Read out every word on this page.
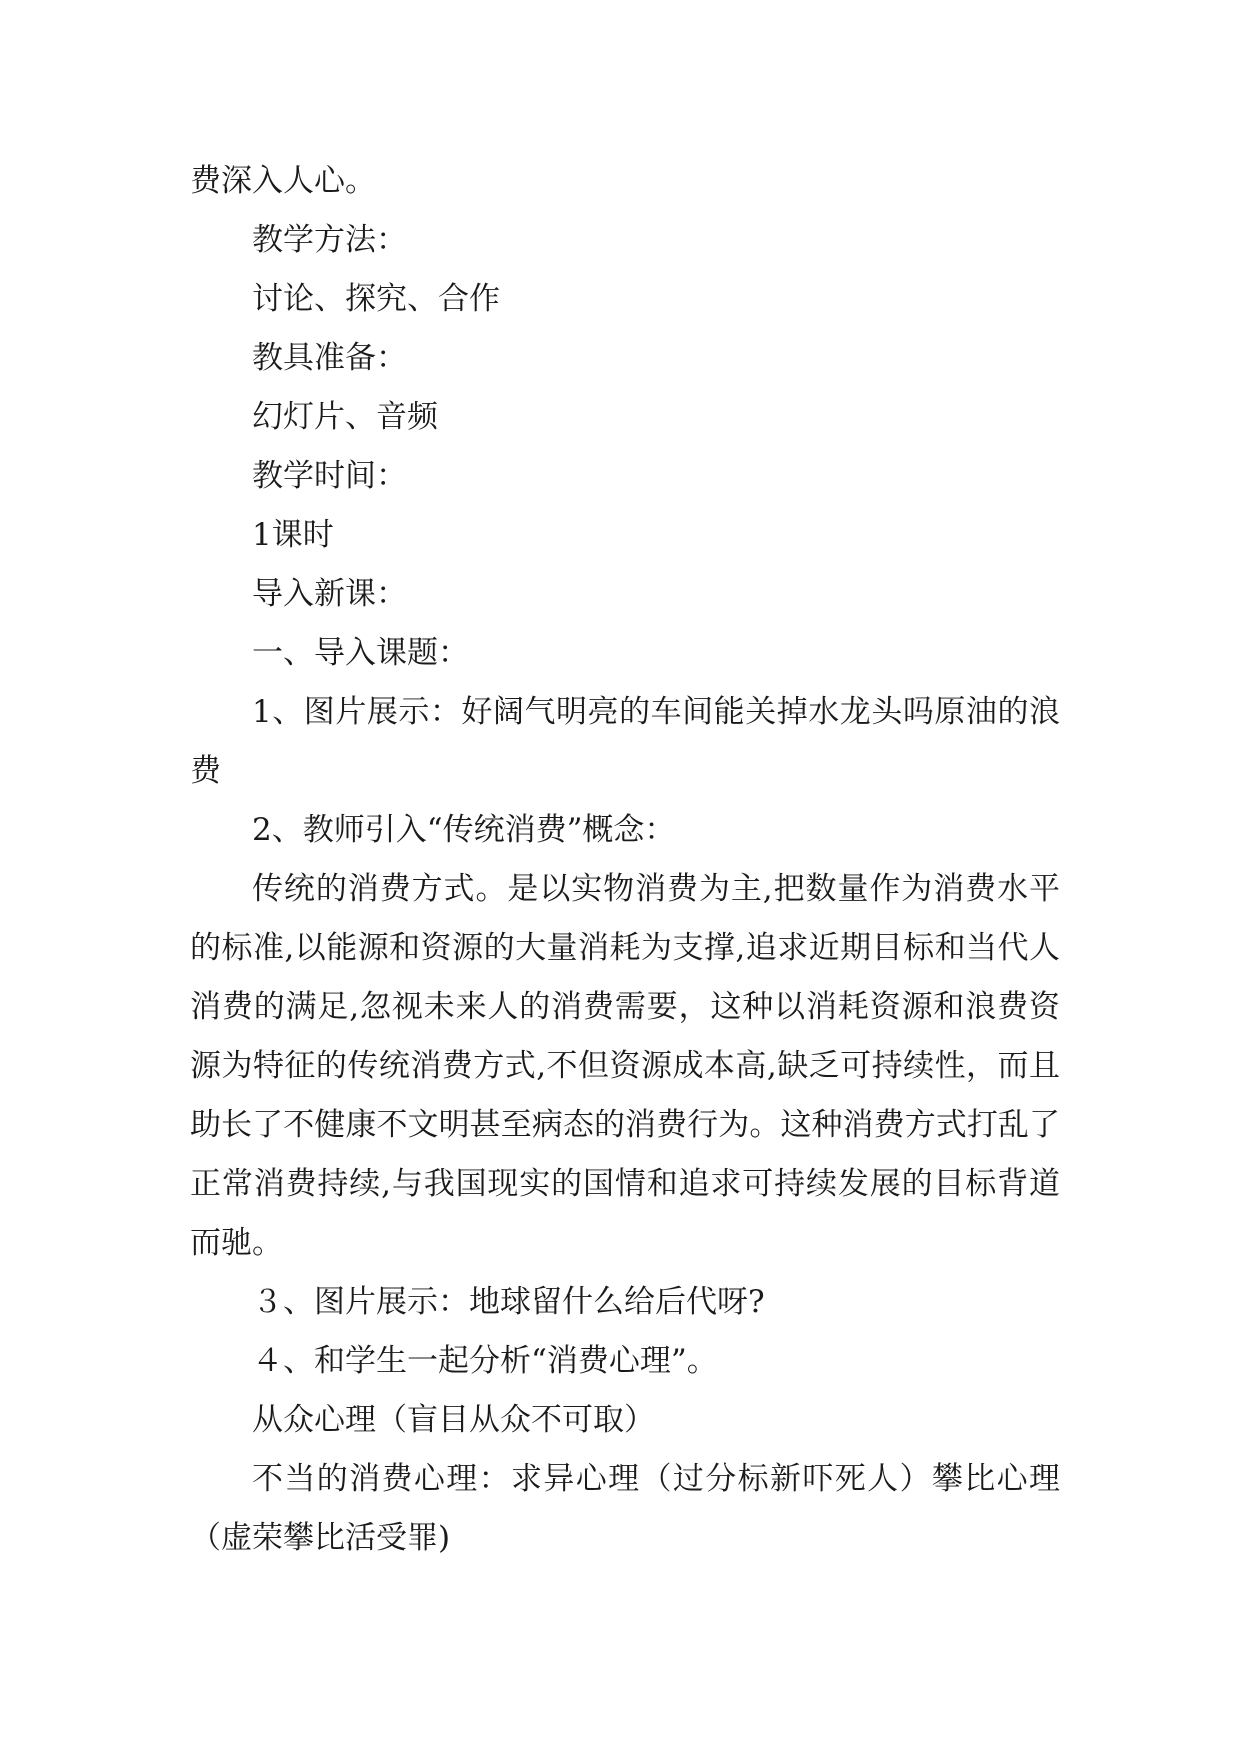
费深入人心。

教学方法：

讨论、探究、合作

教具准备：

幻灯片、音频

教学时间：

1课时

导入新课：

一、导入课题：

1、图片展示：好阔气明亮的车间能关掉水龙头吗原油的浪费

2、教师引入“传统消费”概念：

传统的消费方式。是以实物消费为主,把数量作为消费水平的标准,以能源和资源的大量消耗为支撑,追求近期目标和当代人消费的满足,忽视未来人的消费需要，这种以消耗资源和浪费资源为特征的传统消费方式,不但资源成本高,缺乏可持续性，而且助长了不健康不文明甚至病态的消费行为。这种消费方式打乱了正常消费持续,与我国现实的国情和追求可持续发展的目标背道而驰。

３、图片展示：地球留什么给后代呀?

４、和学生一起分析“消费心理”。

从众心理（盲目从众不可取）

不当的消费心理：求异心理（过分标新吓死人）攀比心理（虚荣攀比活受罪)
